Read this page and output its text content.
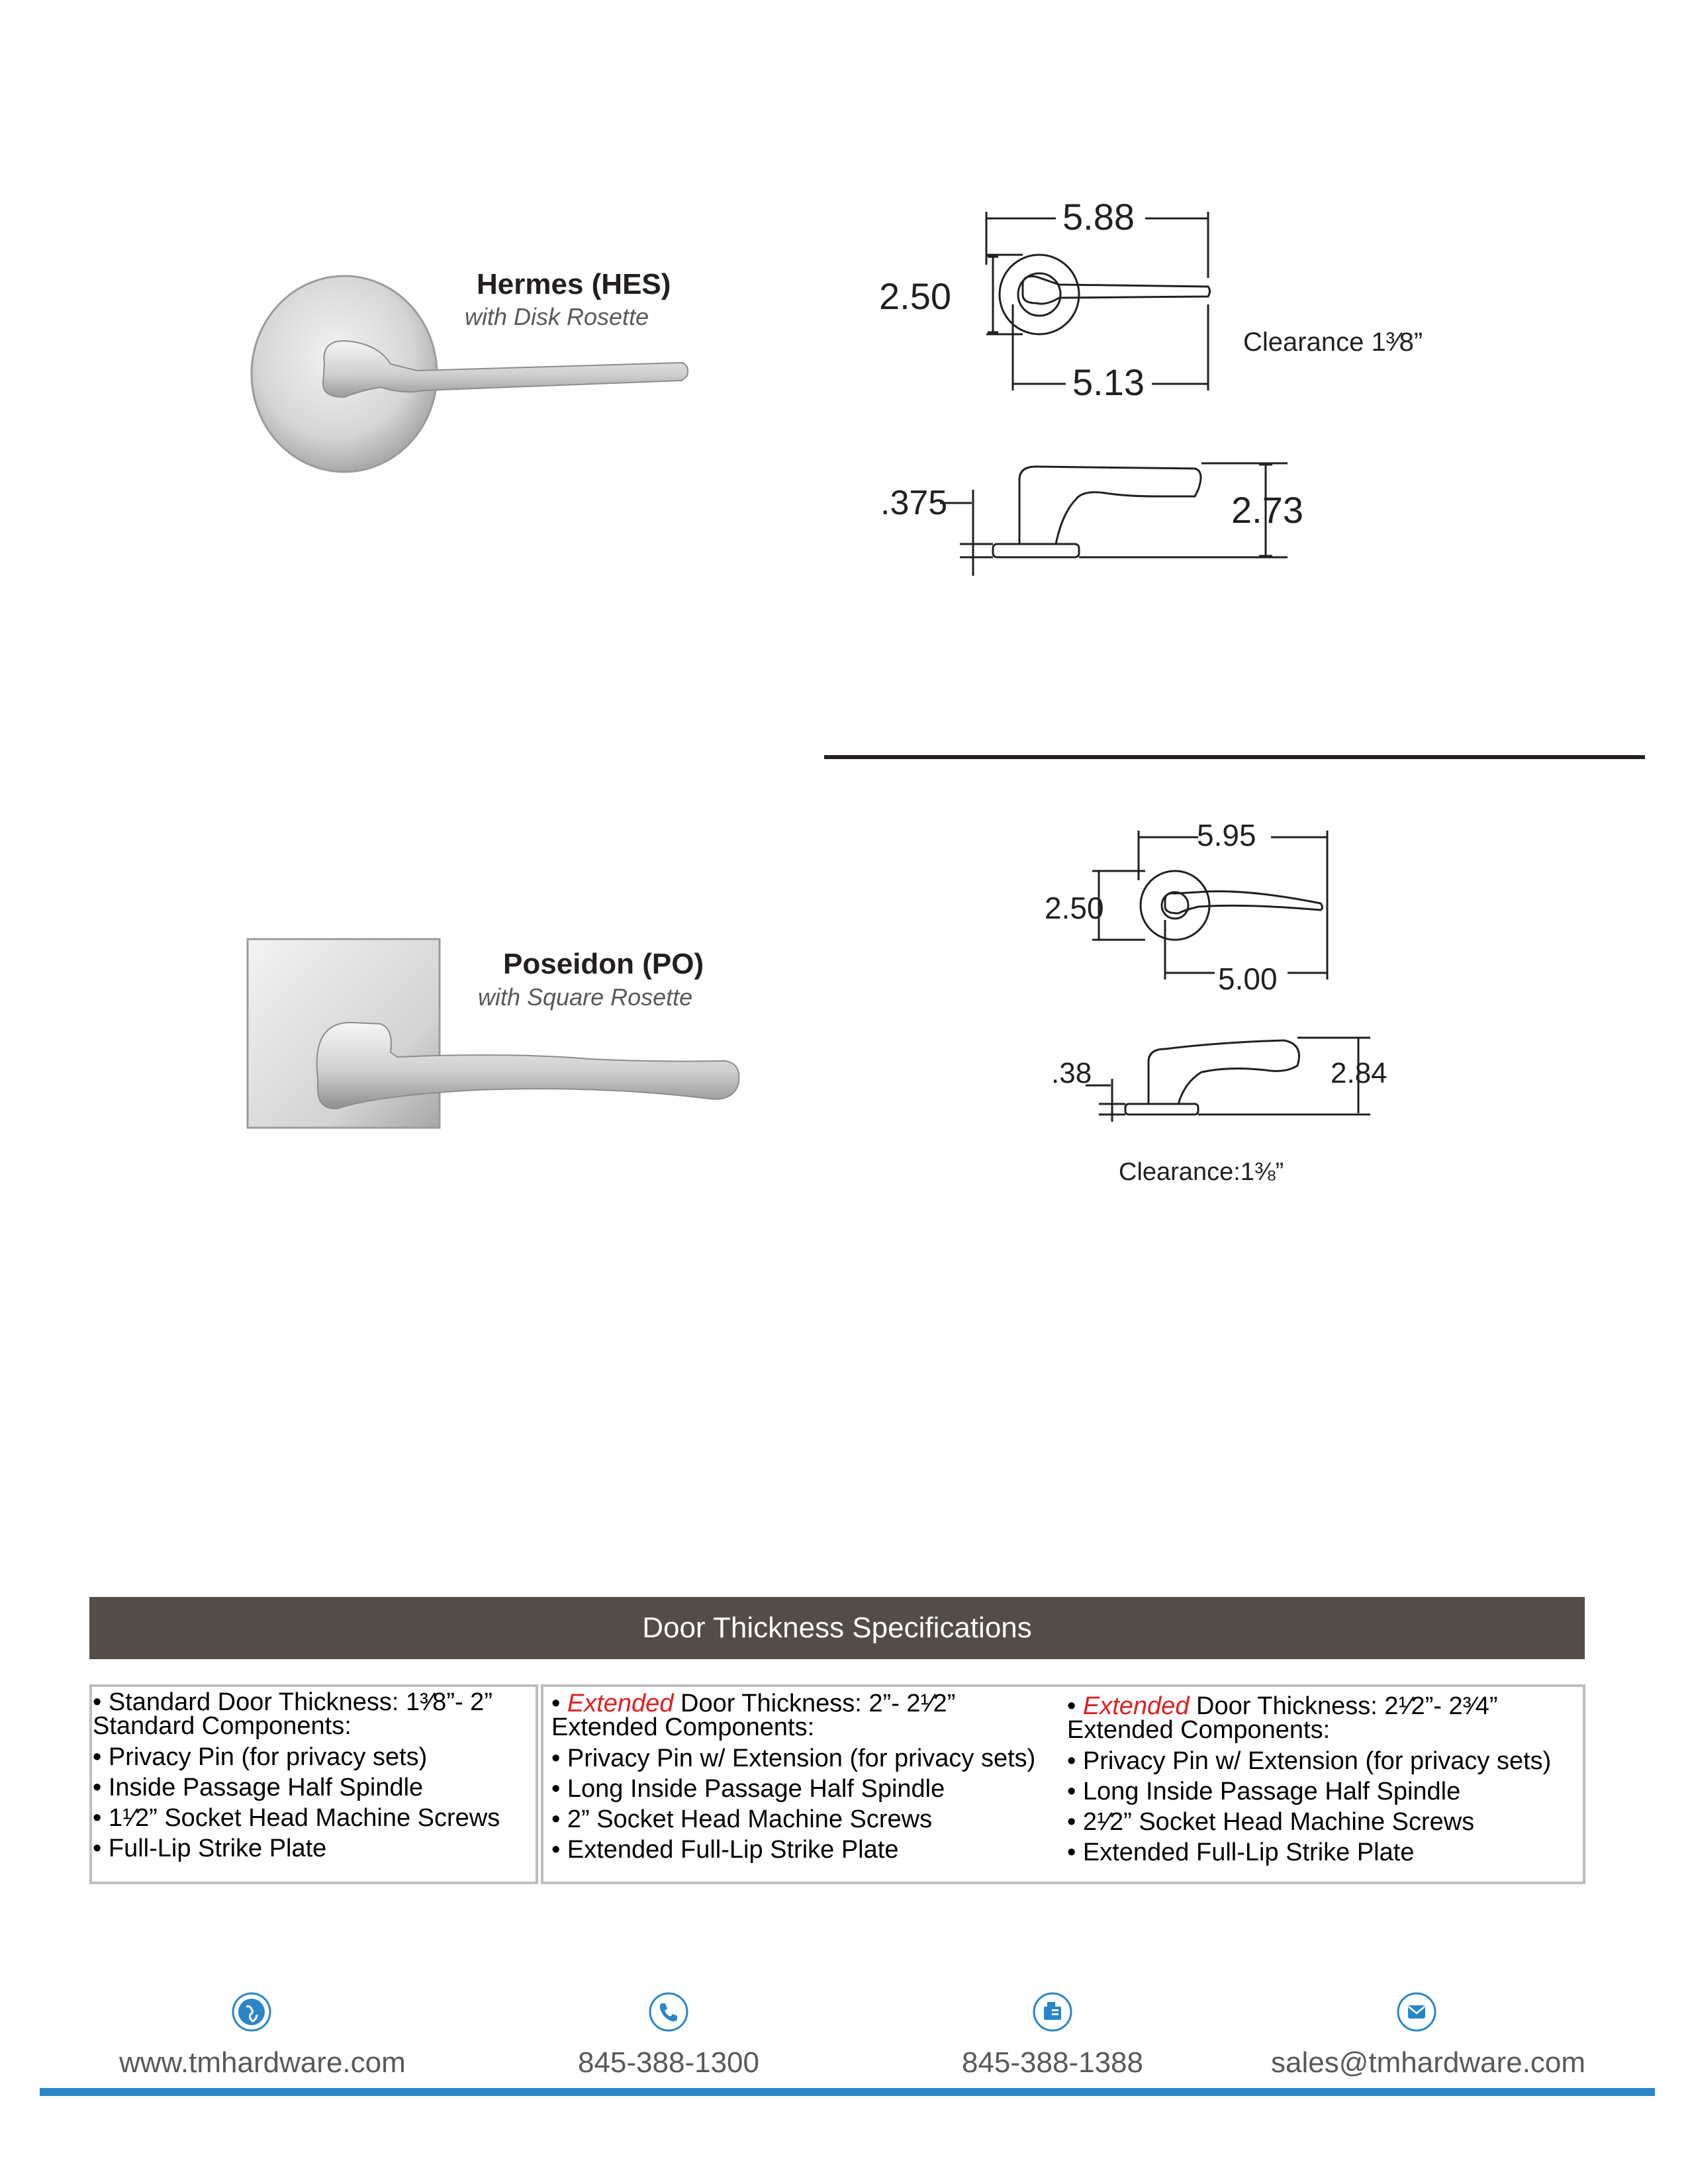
Hermes (HES)
with Disk Rosette
5.88
2.50
5.13
Clearance 1³⁄8”
.375	2.73
Poseidon (PO)
with Square Rosette
5.95
2.50
5.00
.38	2.84
Clearance:1⅜”
Door Thickness Specifications
• Standard Door Thickness: 1³⁄8”- 2”
Standard Components:
• Privacy Pin (for privacy sets)
• Inside Passage Half Spindle
• 1¹⁄2” Socket Head Machine Screws
• Full-Lip Strike Plate
• Extended Door Thickness: 2”- 2¹⁄2”
Extended Components:
• Privacy Pin w/ Extension (for privacy sets)
• Long Inside Passage Half Spindle
• 2” Socket Head Machine Screws
• Extended Full-Lip Strike Plate
• Extended Door Thickness: 2¹⁄2”- 2³⁄4”
Extended Components:
• Privacy Pin w/ Extension (for privacy sets)
• Long Inside Passage Half Spindle
• 2¹⁄2” Socket Head Machine Screws
• Extended Full-Lip Strike Plate
www.tmhardware.com	845-388-1300	845-388-1388	sales@tmhardware.com
